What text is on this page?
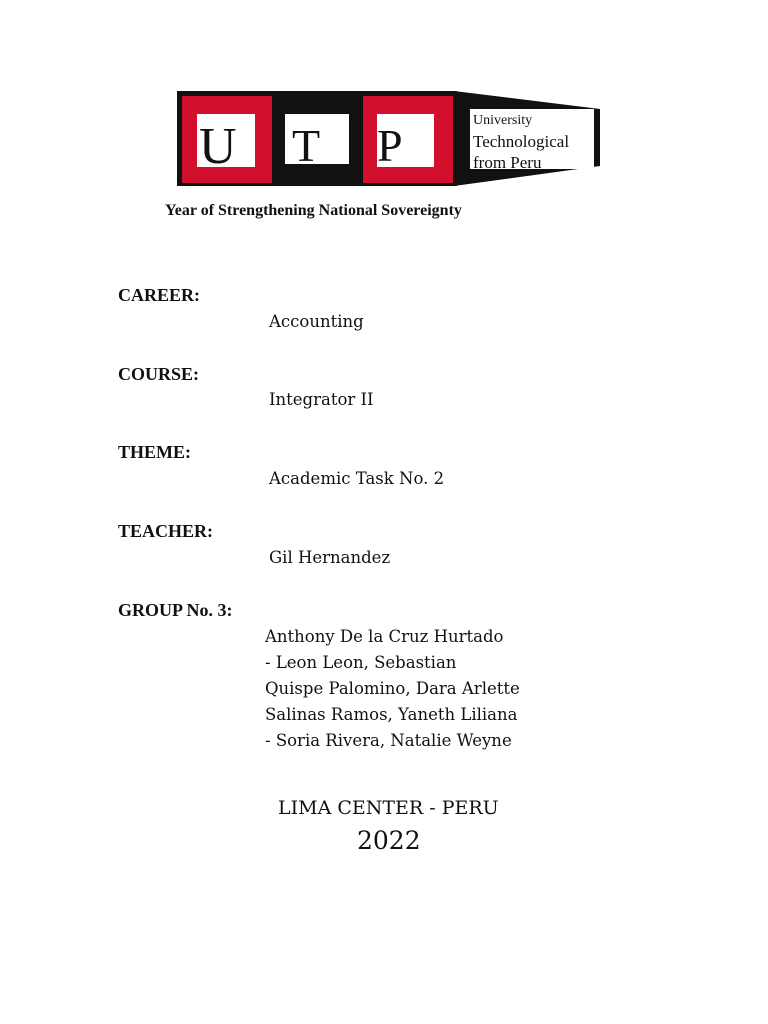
U T P	University
Technological
from Peru
Year of Strengthening National Sovereignty
CAREER:
Accounting
COURSE:
Integrator II
THEME:
Academic Task No. 2
TEACHER:
Gil Hernandez
GROUP No. 3:
Anthony De la Cruz Hurtado
- Leon Leon, Sebastian
Quispe Palomino, Dara Arlette
Salinas Ramos, Yaneth Liliana
- Soria Rivera, Natalie Weyne
LIMA CENTER - PERU
2022
